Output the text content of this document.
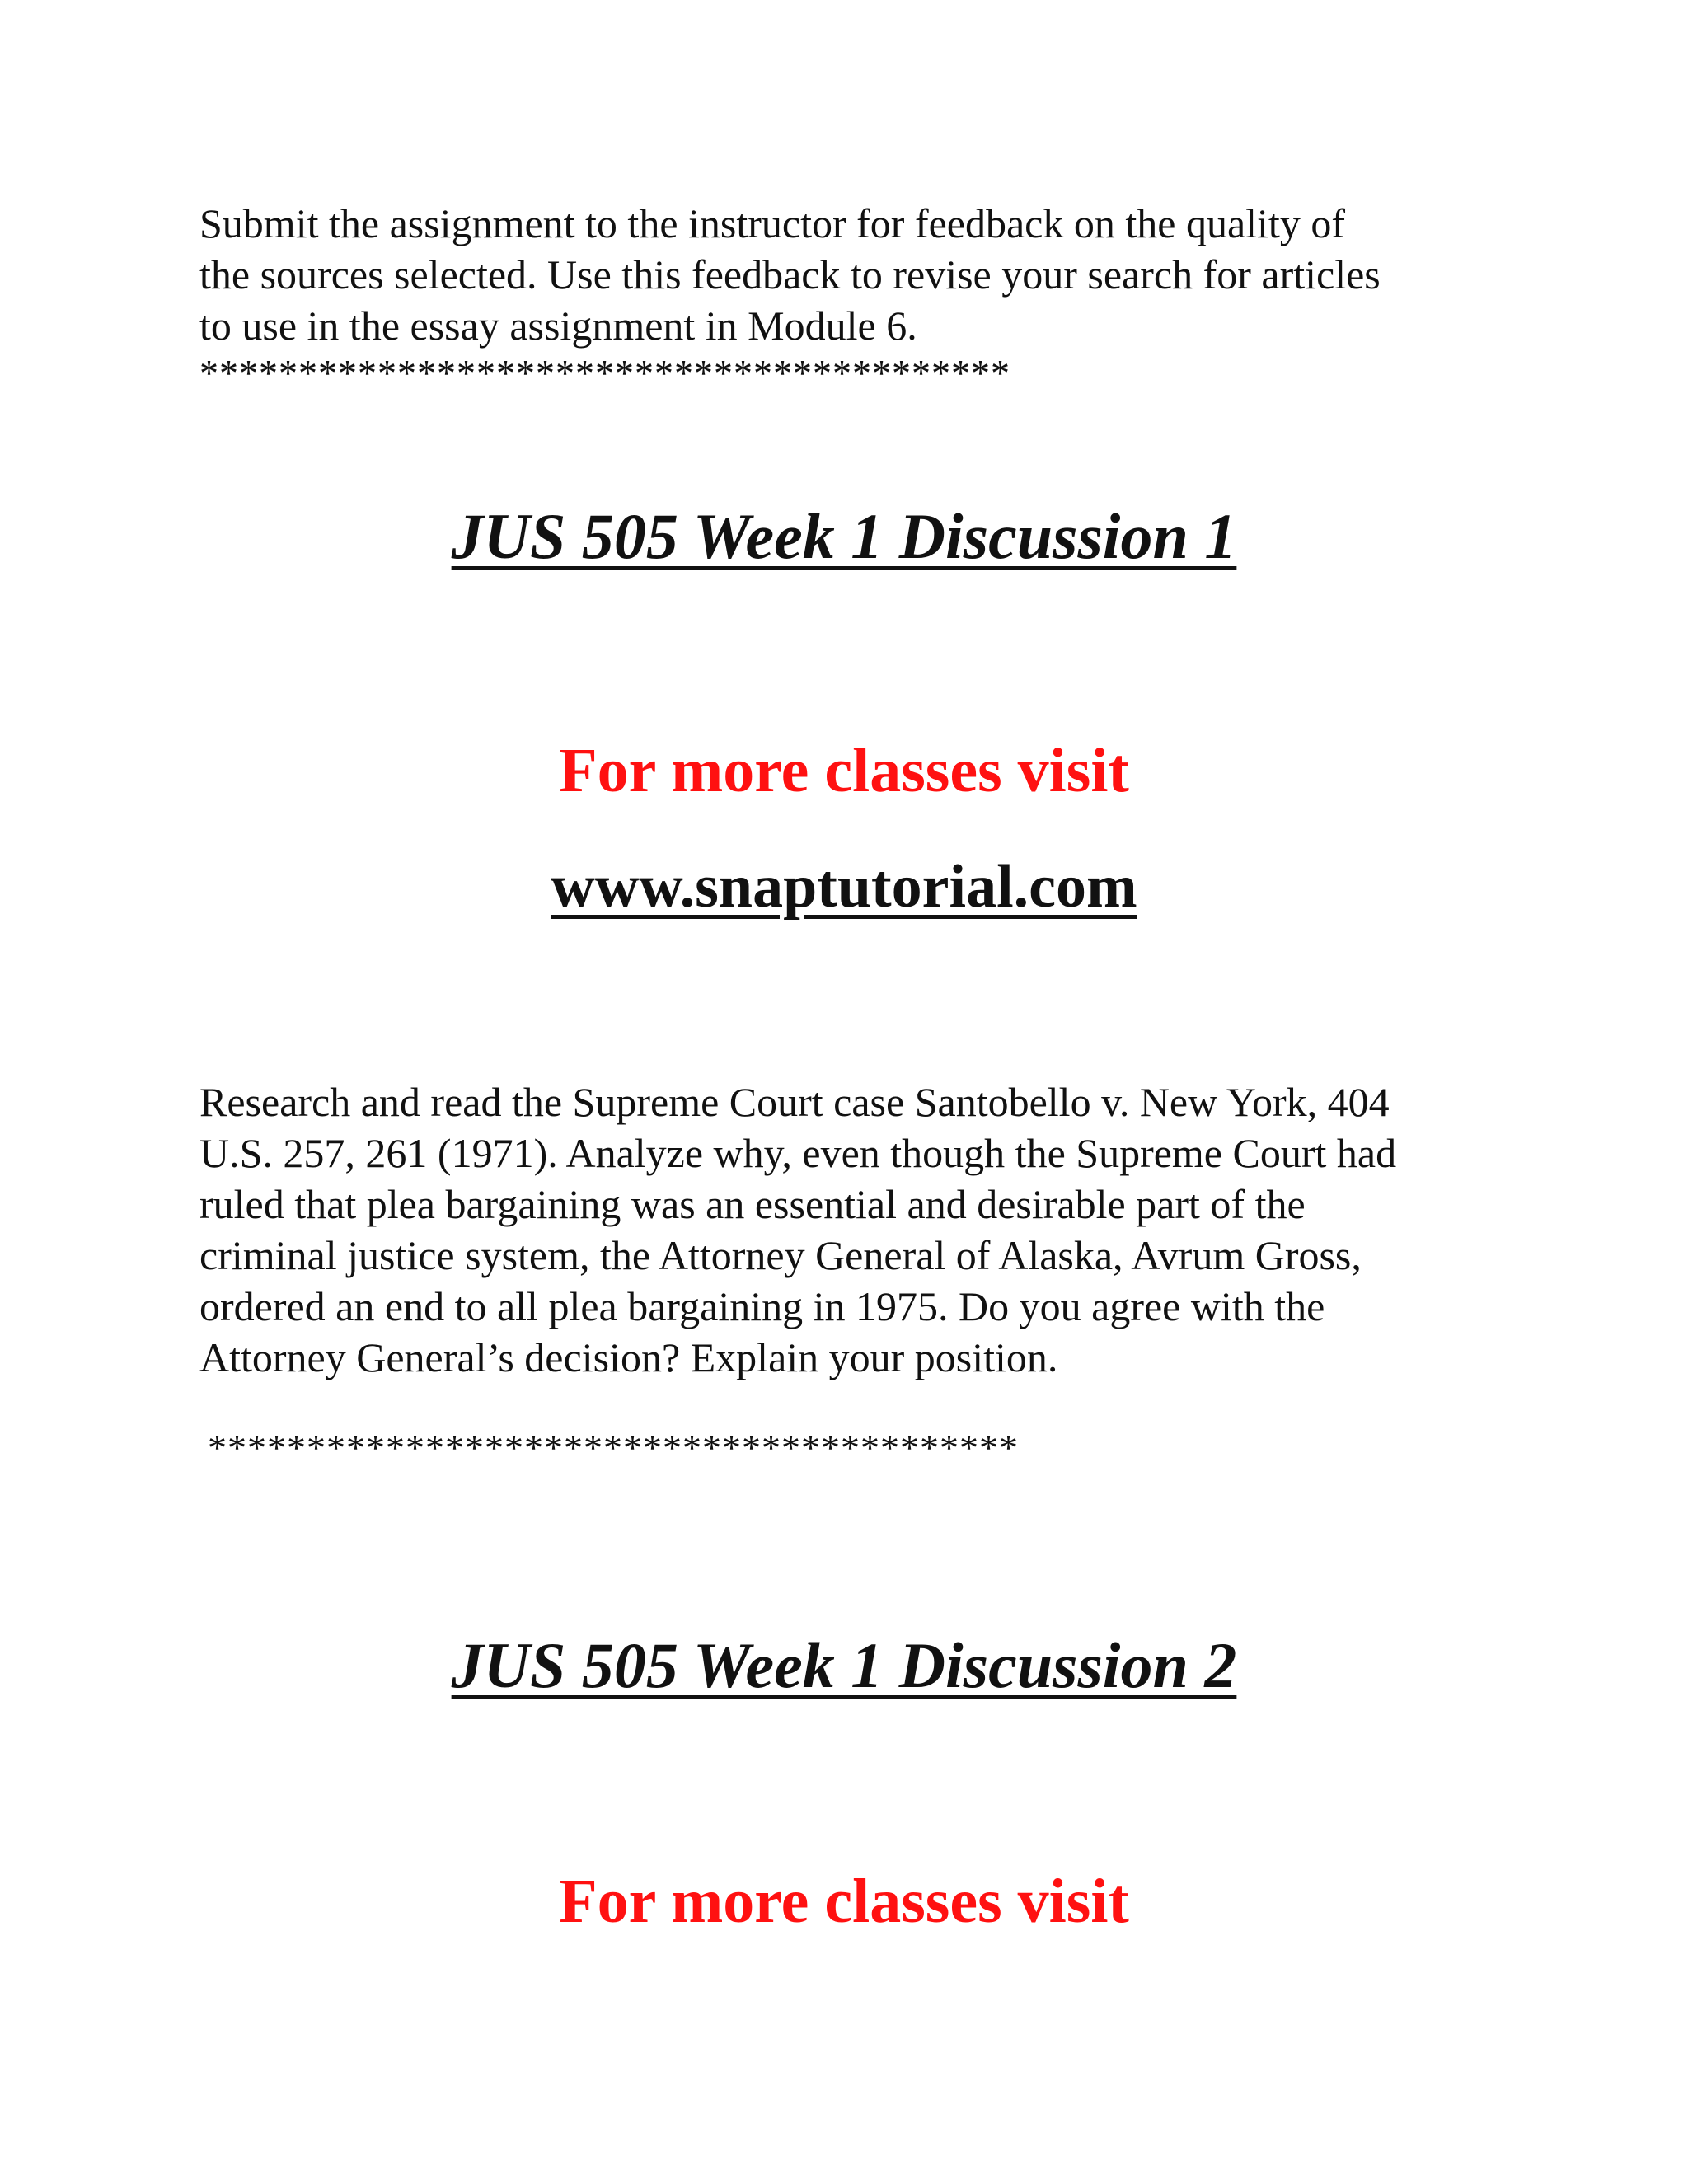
Submit the assignment to the instructor for feedback on the quality of
the sources selected. Use this feedback to revise your search for articles
to use in the essay assignment in Module 6.
*****************************************
JUS 505 Week 1 Discussion 1

For more classes visit

www.snaptutorial.com

Research and read the Supreme Court case Santobello v. New York, 404
U.S. 257, 261 (1971). Analyze why, even though the Supreme Court had
ruled that plea bargaining was an essential and desirable part of the
criminal justice system, the Attorney General of Alaska, Avrum Gross,
ordered an end to all plea bargaining in 1975. Do you agree with the
Attorney General’s decision? Explain your position.
*****************************************
JUS 505 Week 1 Discussion 2

For more classes visit
